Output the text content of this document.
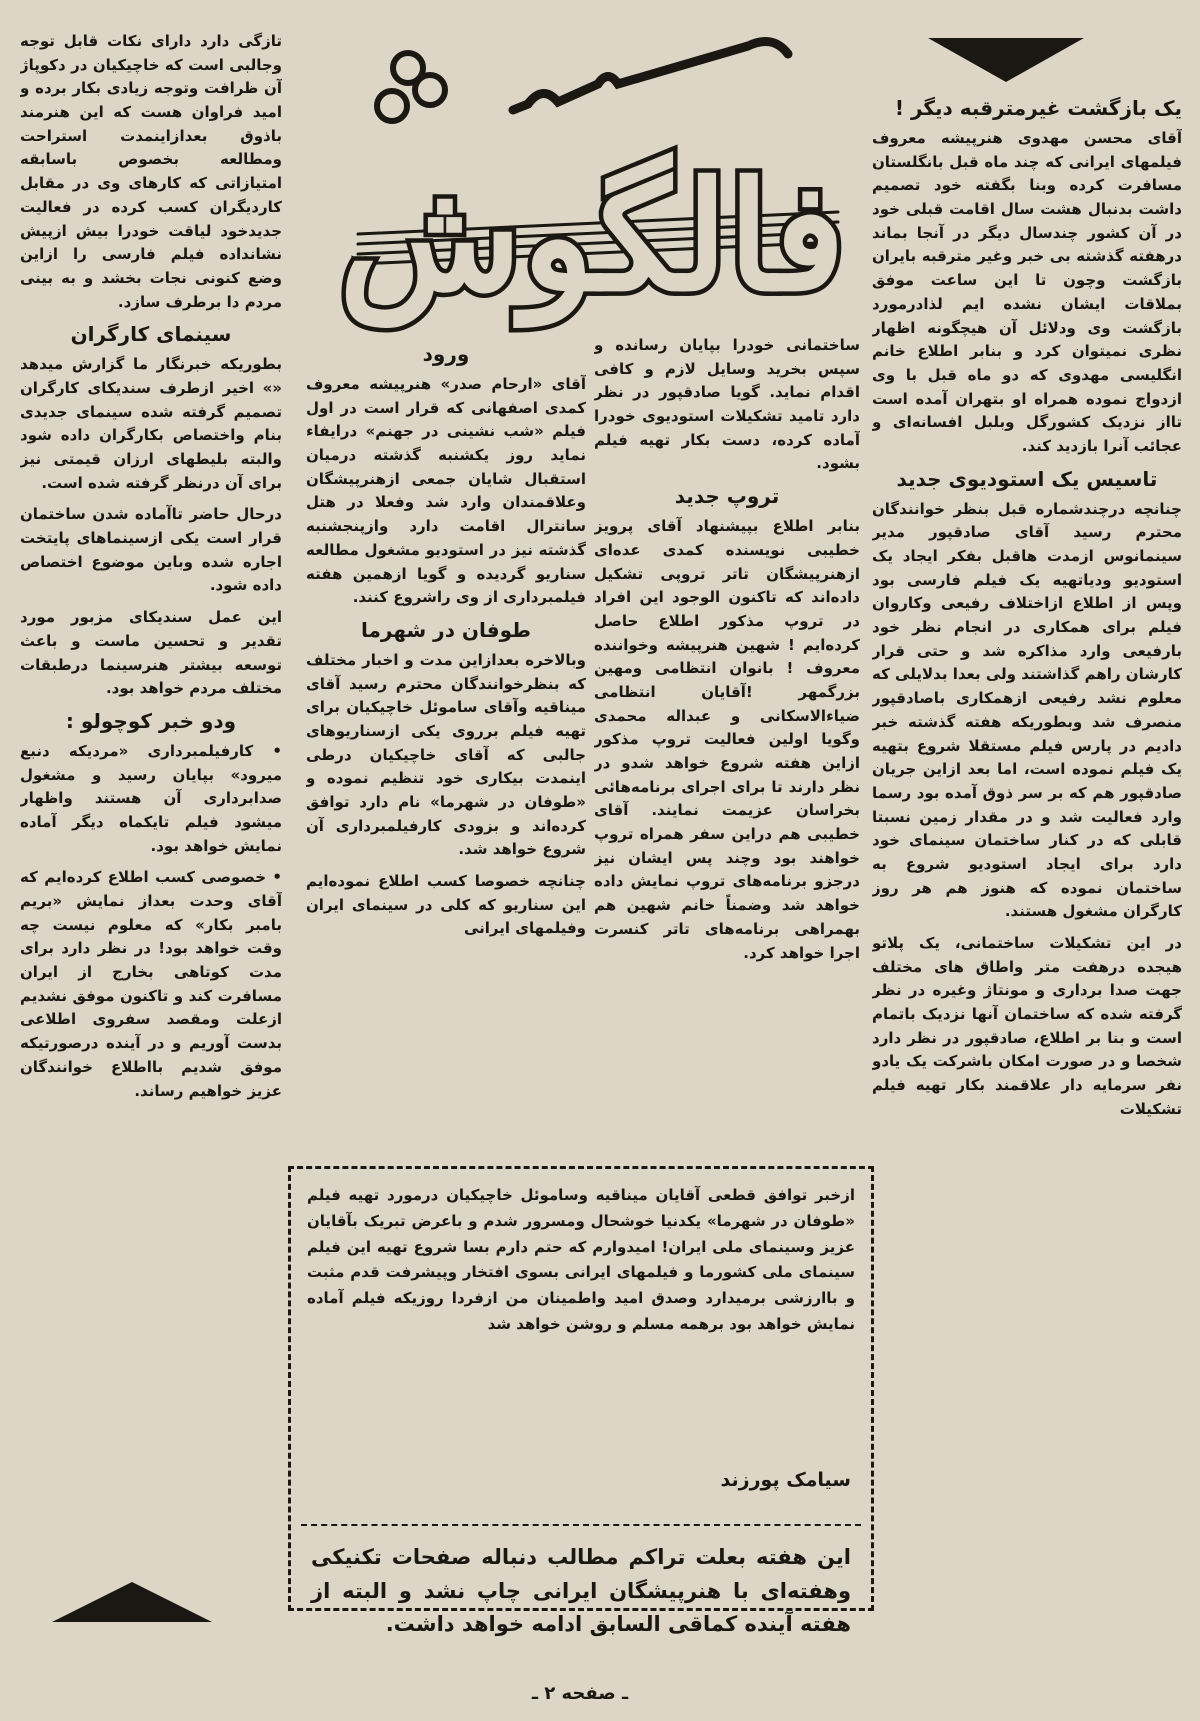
فالگوش
یک بازگشت غیرمترقبه دیگر !

آقای محسن مهدوی هنرپیشه معروف فیلمهای ایرانی که چند ماه قبل بانگلستان مسافرت کرده وبنا بگفته خود تصمیم داشت بدنبال هشت سال اقامت قبلی خود در آن کشور چندسال دیگر در آنجا بماند درهفته گذشته بی خبر وغیر مترقبه بایران بازگشت وچون تا این ساعت موفق بملاقات ایشان نشده ایم لذادرمورد بازگشت وی ودلائل آن هیچگونه اظهار نظری نمیتوان کرد و بنابر اطلاع خانم انگلیسی مهدوی که دو ماه قبل با وی ازدواج نموده همراه او بتهران آمده است تااز نزدیک کشورگل وبلبل افسانه‌ای و عجائب آنرا بازدید کند.

تاسیس یک استودیوی جدید

چنانچه درچندشماره قبل بنظر خوانندگان محترم رسید آقای صادقپور مدیر سینمانوس ازمدت هاقبل بفکر ایجاد یک استودیو ودیاتهیه یک فیلم فارسی بود وپس از اطلاع ازاختلاف رفیعی وکاروان فیلم برای همکاری در انجام نظر خود بارفیعی وارد مذاکره شد و حتی قرار کارشان راهم گذاشتند ولی بعدا بدلایلی که معلوم نشد رفیعی ازهمکاری باصادقپور منصرف شد وبطوریکه هفته گذشته خبر دادیم در پارس فیلم مستقلا شروع بتهیه یک فیلم نموده است، اما بعد ازاین جریان صادقپور هم که بر سر ذوق آمده بود رسما وارد فعالیت شد و در مقدار زمین نسبتا قابلی که در کنار ساختمان سینمای خود دارد برای ایجاد استودیو شروع به ساختمان نموده که هنوز هم هر روز کارگران مشغول هستند.

در این تشکیلات ساختمانی، یک پلاتو هیجده درهفت متر واطاق های مختلف جهت صدا برداری و مونتاژ وغیره در نظر گرفته شده که ساختمان آنها نزدیک باتمام است و بنا بر اطلاع، صادقپور در نظر دارد شخصا و در صورت امکان باشرکت یک یادو نفر سرمایه دار علاقمند بکار تهیه فیلم تشکیلات

ساختمانی خودرا بپایان رسانده و سپس بخرید وسایل لازم و کافی اقدام نماید. گویا صادقپور در نظر دارد تامید تشکیلات استودیوی خودرا آماده کرده، دست بکار تهیه فیلم بشود.

تروپ جدید

بنابر اطلاع بپیشنهاد آقای پرویز خطیبی نویسنده کمدی عده‌ای ازهنرپیشگان تاتر تروپی تشکیل داده‌اند که تاکنون الوجود این افراد در تروپ مذکور اطلاع حاصل کرده‌ایم ! شهین هنرپیشه وخواننده معروف ! بانوان انتظامی ومهین بزرگمهر !آقایان انتظامی ضیاءالاسکانی و عبداله محمدی وگویا اولین فعالیت تروپ مذکور ازاین هفته شروع خواهد شدو در نظر دارند تا برای اجرای برنامه‌هائی بخراسان عزیمت نمایند. آقای خطیبی هم دراین سفر همراه تروپ خواهند بود وچند پس ایشان نیز درجزو برنامه‌های تروپ نمایش داده خواهد شد وضمناً خانم شهین هم بهمراهی برنامه‌های تاتر کنسرت اجرا خواهد کرد.

ورود

آقای «ارحام صدر» هنرپیشه معروف کمدی اصفهانی که قرار است در اول فیلم «شب نشینی در جهنم» درایفاء نماید روز یکشنبه گذشته درمیان استقبال شایان جمعی ازهنرپیشگان وعلاقمندان وارد شد وفعلا در هتل سانترال اقامت دارد وازپنجشنبه گذشته نیز در استودیو مشغول مطالعه سناریو گردیده و گویا ازهمین هفته فیلمبرداری از وی راشروع کنند.

طوفان در شهرما

وبالاخره بعدازاین مدت و اخبار مختلف که بنظرخوانندگان محترم رسید آقای میناقیه وآقای ساموئل خاچیکیان برای تهیه فیلم برروی یکی ازسناریوهای جالبی که آقای خاچیکیان درطی اینمدت بیکاری خود تنظیم نموده و «طوفان در شهرما» نام دارد توافق کرده‌اند و بزودی کارفیلمبرداری آن شروع خواهد شد.

چنانچه خصوصا کسب اطلاع نموده‌ایم این سناریو که کلی در سینمای ایران وفیلمهای ایرانی

تازگی دارد دارای نکات قابل توجه وجالبی است که خاچیکیان در دکوپاژ آن ظرافت وتوجه زیادی بکار برده و امید فراوان هست که این هنرمند باذوق بعدازاینمدت استراحت ومطالعه بخصوص باسابقه امتیازاتی که کارهای وی در مقابل کاردیگران کسب کرده در فعالیت جدیدخود لیاقت خودرا بیش ازپیش نشانداده فیلم فارسی را ازاین وضع کنونی نجات بخشد و به بینی مردم دا برطرف سازد.

سینمای کارگران

بطوریکه خبرنگار ما گزارش میدهد «» اخیر ازطرف سندیکای کارگران تصمیم گرفته شده سینمای جدیدی بنام واختصاص بکارگران داده شود والبته بلیطهای ارزان قیمتی نیز برای آن درنظر گرفته شده است.

درحال حاضر تاآماده شدن ساختمان قرار است یکی ازسینماهای پایتخت اجاره شده وباین موضوع اختصاص داده شود.

این عمل سندیکای مزبور مورد تقدیر و تحسین ماست و باعث توسعه بیشتر هنرسینما درطبقات مختلف مردم خواهد بود.

ودو خبر کوچولو :

• کارفیلمبرداری «مردیکه دنبع میرود» بپایان رسید و مشغول صدابرداری آن هستند واظهار میشود فیلم تایکماه دیگر آماده نمایش خواهد بود.

• خصوصی کسب اطلاع کرده‌ایم که آقای وحدت بعداز نمایش «بریم بامبر بکار» که معلوم نیست چه وقت خواهد بود! در نظر دارد برای مدت کوتاهی بخارج از ایران مسافرت کند و تاکنون موفق نشدیم ازعلت ومقصد سفروی اطلاعی بدست آوریم و در آینده درصورتیکه موفق شدیم بااطلاع خوانندگان عزیز خواهیم رساند.

ازخبر توافق قطعی آقایان میناقیه وساموئل خاچیکیان درمورد تهیه فیلم «طوفان در شهرما» یکدنیا خوشحال ومسرور شدم و باعرض تبریک بآقایان عزیز وسینمای ملی ایران! امیدوارم که حتم دارم بسا شروع تهیه این فیلم سینمای ملی کشورما و فیلمهای ایرانی بسوی افتخار وپیشرفت قدم مثبت و باارزشی برمیدارد وصدق امید واطمینان من ازفردا روزیکه فیلم آماده نمایش خواهد بود برهمه مسلم و روشن خواهد شد
سیامک پورزند
این هفته بعلت تراکم مطالب دنباله صفحات تکنیکی وهفته‌ای با هنرپیشگان ایرانی چاپ نشد و البته از هفته آینده کماقی السابق ادامه خواهد داشت.
ـ صفحه ۲ ـ
